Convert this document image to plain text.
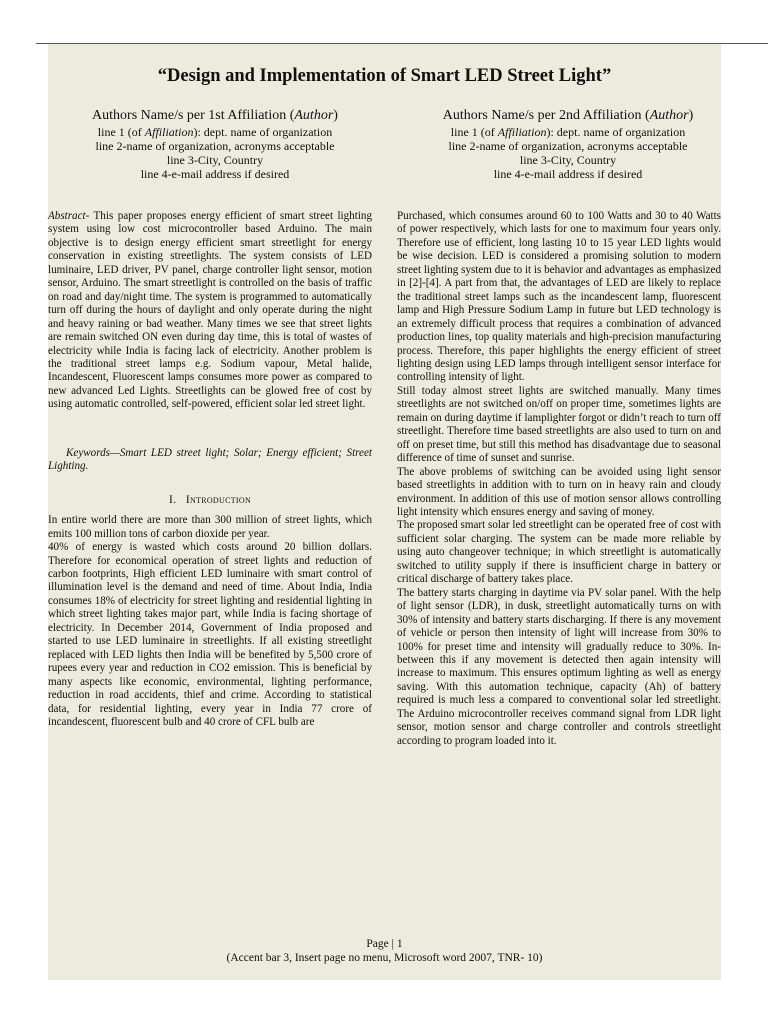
“Design and Implementation of Smart LED Street Light”
Authors Name/s per 1st Affiliation (Author)
line 1 (of Affiliation): dept. name of organization
line 2-name of organization, acronyms acceptable
line 3-City, Country
line 4-e-mail address if desired
Authors Name/s per 2nd Affiliation (Author)
line 1 (of Affiliation): dept. name of organization
line 2-name of organization, acronyms acceptable
line 3-City, Country
line 4-e-mail address if desired

Abstract- This paper proposes energy efficient of smart street lighting system using low cost microcontroller based Arduino. The main objective is to design energy efficient smart streetlight for energy conservation in existing streetlights. The system consists of LED luminaire, LED driver, PV panel, charge controller light sensor, motion sensor, Arduino. The smart streetlight is controlled on the basis of traffic on road and day/night time. The system is programmed to automatically turn off during the hours of daylight and only operate during the night and heavy raining or bad weather. Many times we see that street lights are remain switched ON even during day time, this is total of wastes of electricity while India is facing lack of electricity. Another problem is the traditional street lamps e.g. Sodium vapour, Metal halide, Incandescent, Fluorescent lamps consumes more power as compared to new advanced Led Lights. Streetlights can be glowed free of cost by using automatic controlled, self-powered, efficient solar led street light.

Keywords—Smart LED street light; Solar; Energy efficient; Street Lighting.

I. Introduction

In entire world there are more than 300 million of street lights, which emits 100 million tons of carbon dioxide per year.

40% of energy is wasted which costs around 20 billion dollars. Therefore for economical operation of street lights and reduction of carbon footprints, High efficient LED luminaire with smart control of illumination level is the demand and need of time. About India, India consumes 18% of electricity for street lighting and residential lighting in which street lighting takes major part, while India is facing shortage of electricity. In December 2014, Government of India proposed and started to use LED luminaire in streetlights. If all existing streetlight replaced with LED lights then India will be benefited by 5,500 crore of rupees every year and reduction in CO2 emission. This is beneficial by many aspects like economic, environmental, lighting performance, reduction in road accidents, thief and crime. According to statistical data, for residential lighting, every year in India 77 crore of incandescent, fluorescent bulb and 40 crore of CFL bulb are

Purchased, which consumes around 60 to 100 Watts and 30 to 40 Watts of power respectively, which lasts for one to maximum four years only. Therefore use of efficient, long lasting 10 to 15 year LED lights would be wise decision. LED is considered a promising solution to modern street lighting system due to it is behavior and advantages as emphasized in [2]-[4]. A part from that, the advantages of LED are likely to replace the traditional street lamps such as the incandescent lamp, fluorescent lamp and High Pressure Sodium Lamp in future but LED technology is an extremely difficult process that requires a combination of advanced production lines, top quality materials and high-precision manufacturing process. Therefore, this paper highlights the energy efficient of street lighting design using LED lamps through intelligent sensor interface for controlling intensity of light.

Still today almost street lights are switched manually. Many times streetlights are not switched on/off on proper time, sometimes lights are remain on during daytime if lamplighter forgot or didn’t reach to turn off streetlight. Therefore time based streetlights are also used to turn on and off on preset time, but still this method has disadvantage due to seasonal difference of time of sunset and sunrise.

The above problems of switching can be avoided using light sensor based streetlights in addition with to turn on in heavy rain and cloudy environment. In addition of this use of motion sensor allows controlling light intensity which ensures energy and saving of money.

The proposed smart solar led streetlight can be operated free of cost with sufficient solar charging. The system can be made more reliable by using auto changeover technique; in which streetlight is automatically switched to utility supply if there is insufficient charge in battery or critical discharge of battery takes place.

The battery starts charging in daytime via PV solar panel. With the help of light sensor (LDR), in dusk, streetlight automatically turns on with 30% of intensity and battery starts discharging. If there is any movement of vehicle or person then intensity of light will increase from 30% to 100% for preset time and intensity will gradually reduce to 30%. In-between this if any movement is detected then again intensity will increase to maximum. This ensures optimum lighting as well as energy saving. With this automation technique, capacity (Ah) of battery required is much less a compared to conventional solar led streetlight. The Arduino microcontroller receives command signal from LDR light sensor, motion sensor and charge controller and controls streetlight according to program loaded into it.

Page | 1
(Accent bar 3, Insert page no menu, Microsoft word 2007, TNR- 10)
